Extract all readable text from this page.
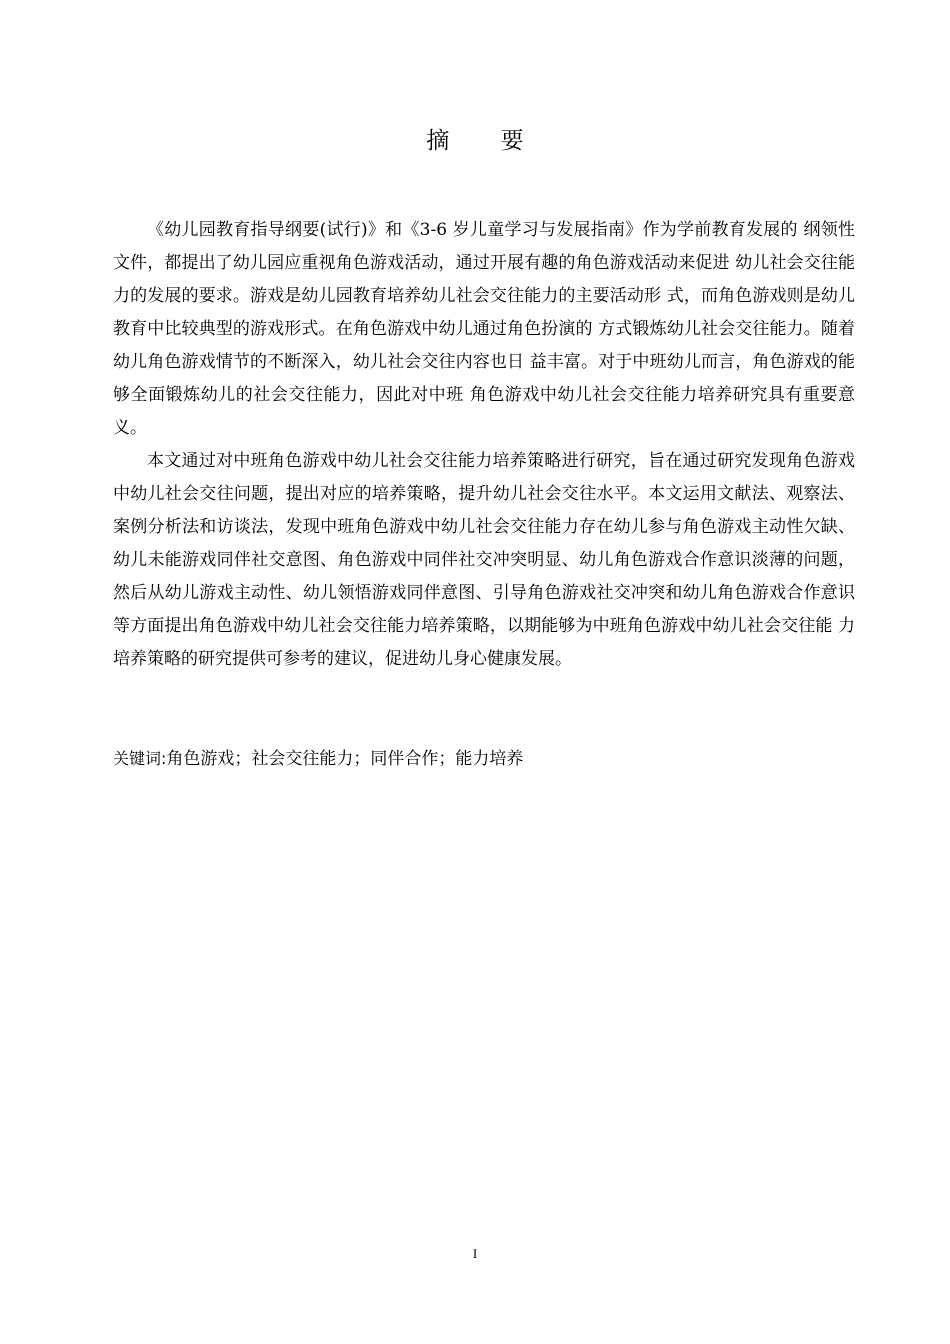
摘 要

《幼儿园教育指导纲要(试行)》和《3-6 岁儿童学习与发展指南》作为学前教育发展的 纲领性文件，都提出了幼儿园应重视角色游戏活动，通过开展有趣的角色游戏活动来促进 幼儿社会交往能力的发展的要求。游戏是幼儿园教育培养幼儿社会交往能力的主要活动形 式，而角色游戏则是幼儿教育中比较典型的游戏形式。在角色游戏中幼儿通过角色扮演的 方式锻炼幼儿社会交往能力。随着幼儿角色游戏情节的不断深入，幼儿社会交往内容也日 益丰富。对于中班幼儿而言，角色游戏的能够全面锻炼幼儿的社会交往能力，因此对中班 角色游戏中幼儿社会交往能力培养研究具有重要意义。

本文通过对中班角色游戏中幼儿社会交往能力培养策略进行研究，旨在通过研究发现角色游戏中幼儿社会交往问题，提出对应的培养策略，提升幼儿社会交往水平。本文运用文献法、观察法、案例分析法和访谈法，发现中班角色游戏中幼儿社会交往能力存在幼儿参与角色游戏主动性欠缺、幼儿未能游戏同伴社交意图、角色游戏中同伴社交冲突明显、幼儿角色游戏合作意识淡薄的问题，然后从幼儿游戏主动性、幼儿领悟游戏同伴意图、引导角色游戏社交冲突和幼儿角色游戏合作意识等方面提出角色游戏中幼儿社会交往能力培养策略，以期能够为中班角色游戏中幼儿社会交往能 力培养策略的研究提供可参考的建议，促进幼儿身心健康发展。

关键词:角色游戏；社会交往能力；同伴合作；能力培养

I
